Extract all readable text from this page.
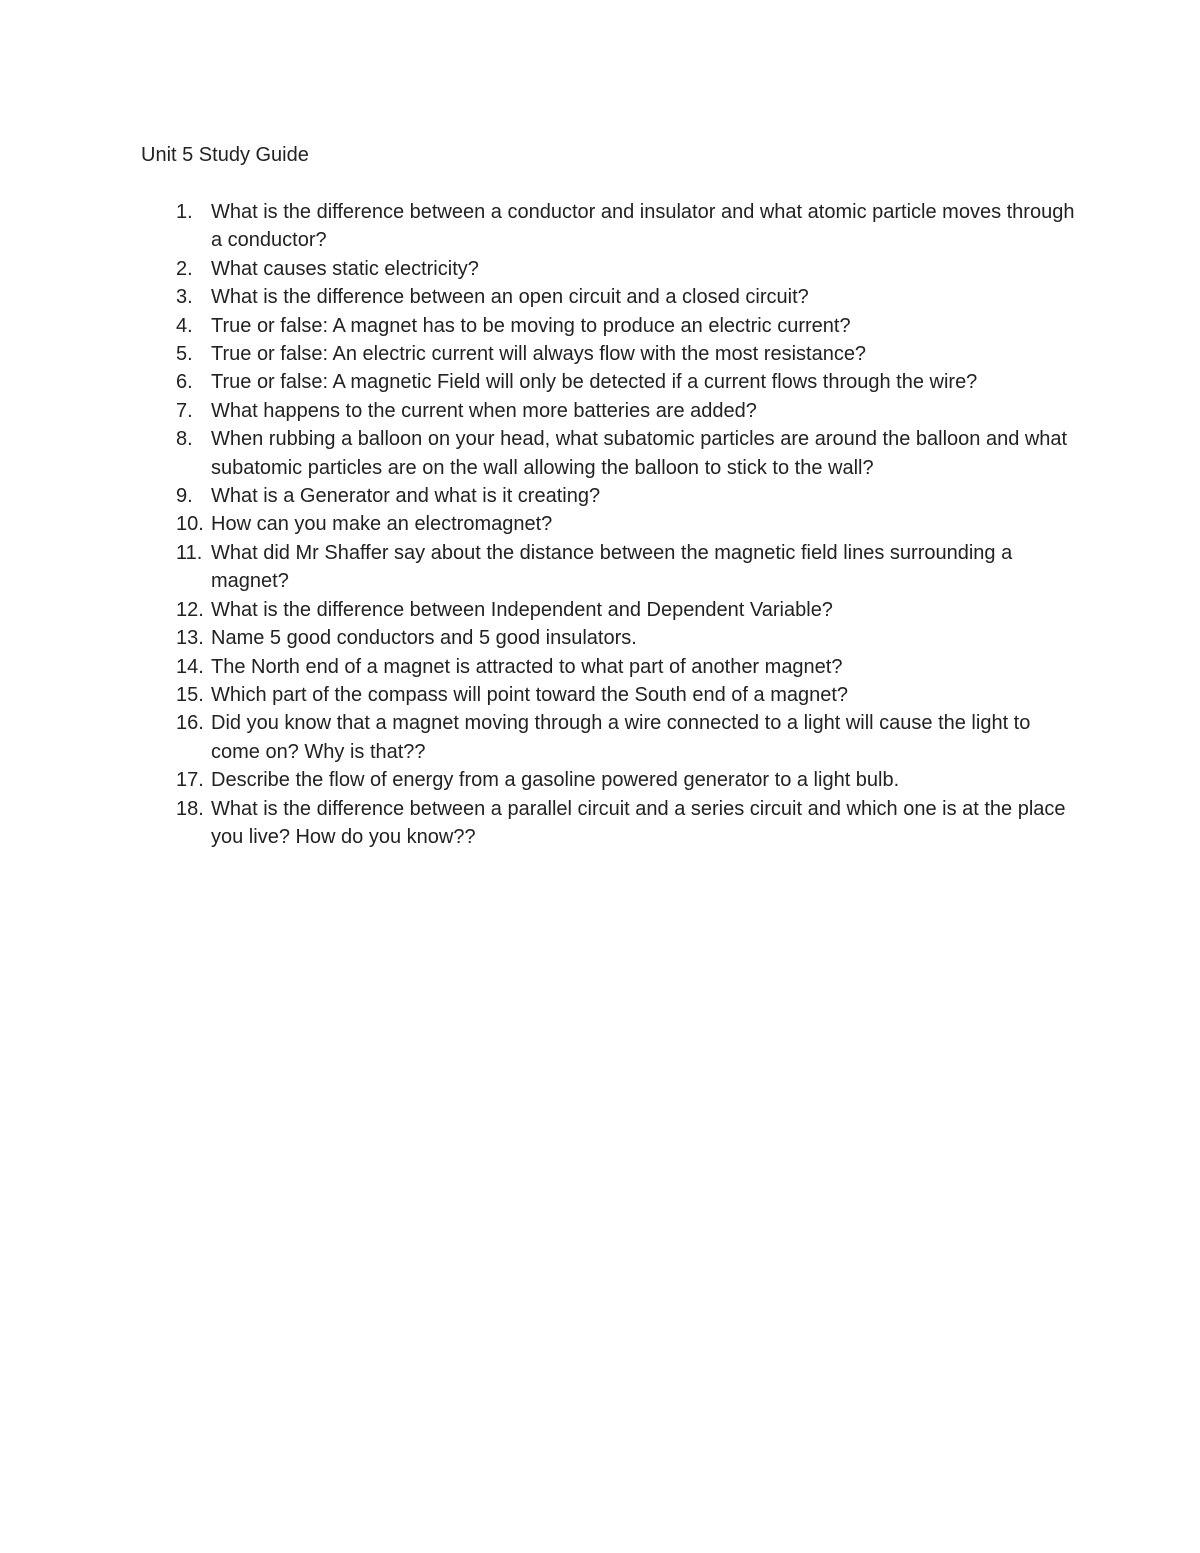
Unit 5 Study Guide
1. What is the difference between a conductor and insulator and what atomic particle moves through a conductor?
2. What causes static electricity?
3. What is the difference between an open circuit and a closed circuit?
4. True or false: A magnet has to be moving to produce an electric current?
5. True or false: An electric current will always flow with the most resistance?
6. True or false: A magnetic Field will only be detected if a current flows through the wire?
7. What happens to the current when more batteries are added?
8. When rubbing a balloon on your head, what subatomic particles are around the balloon and what subatomic particles are on the wall allowing the balloon to stick to the wall?
9. What is a Generator and what is it creating?
10. How can you make an electromagnet?
11. What did Mr Shaffer say about the distance between the magnetic field lines surrounding a magnet?
12. What is the difference between Independent and Dependent Variable?
13. Name 5 good conductors and 5 good insulators.
14. The North end of a magnet is attracted to what part of another magnet?
15. Which part of the compass will point toward the South end of a magnet?
16. Did you know that a magnet moving through a wire connected to a light will cause the light to come on? Why is that??
17. Describe the flow of energy from a gasoline powered generator to a light bulb.
18. What is the difference between a parallel circuit and a series circuit and which one is at the place you live? How do you know??
